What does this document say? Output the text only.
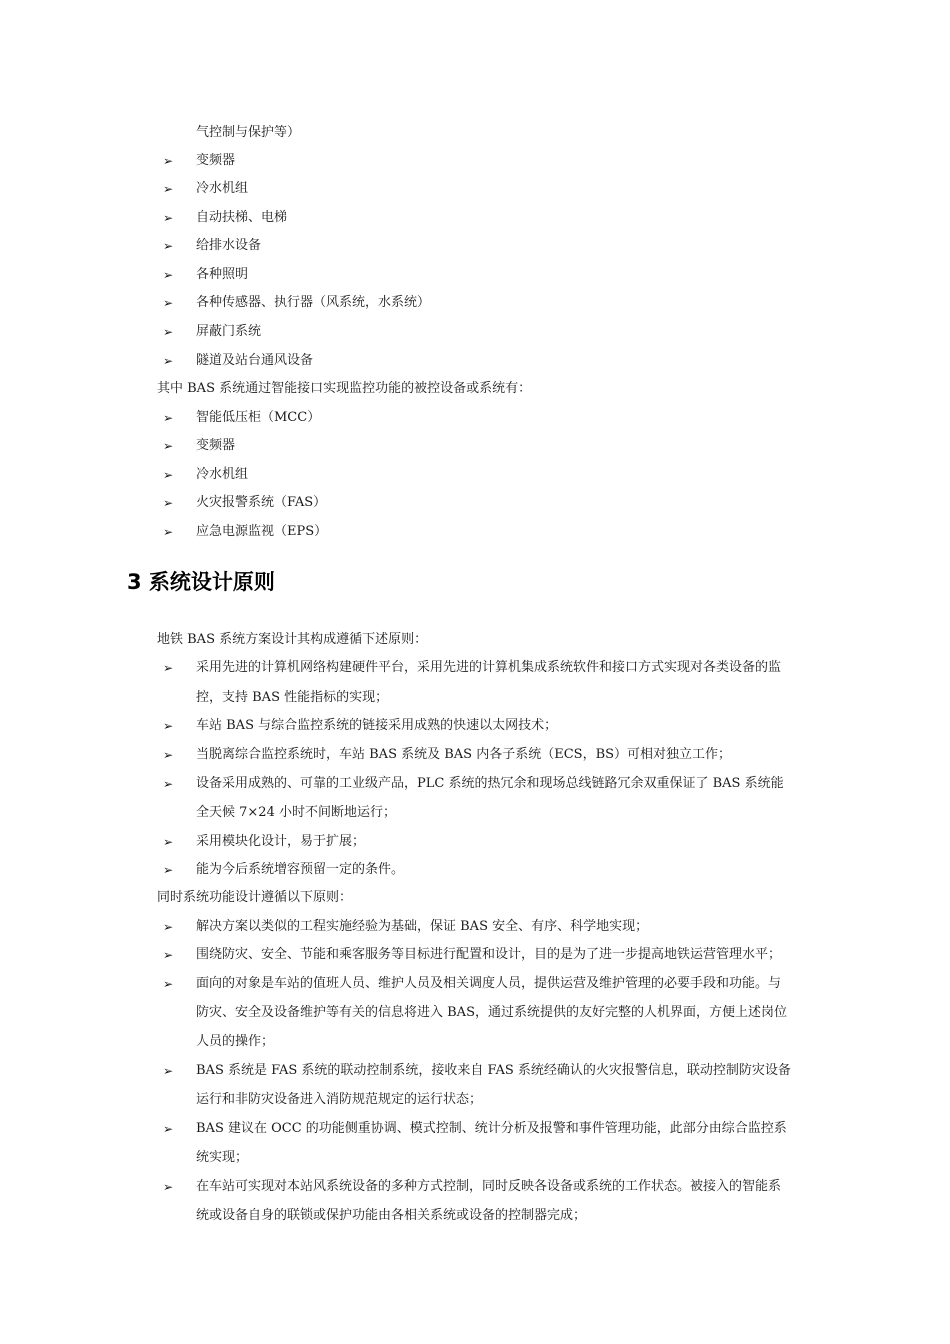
气控制与保护等）
➢ 变频器
➢ 冷水机组
➢ 自动扶梯、电梯
➢ 给排水设备
➢ 各种照明
➢ 各种传感器、执行器（风系统，水系统）
➢ 屏蔽门系统
➢ 隧道及站台通风设备
其中 BAS 系统通过智能接口实现监控功能的被控设备或系统有：
➢ 智能低压柜（MCC）
➢ 变频器
➢ 冷水机组
➢ 火灾报警系统（FAS）
➢ 应急电源监视（EPS）
3 系统设计原则
地铁 BAS 系统方案设计其构成遵循下述原则：
➢ 采用先进的计算机网络构建硬件平台，采用先进的计算机集成系统软件和接口方式实现对各类设备的监
控，支持 BAS 性能指标的实现；
➢ 车站 BAS 与综合监控系统的链接采用成熟的快速以太网技术；
➢ 当脱离综合监控系统时，车站 BAS 系统及 BAS 内各子系统（ECS，BS）可相对独立工作；
➢ 设备采用成熟的、可靠的工业级产品，PLC 系统的热冗余和现场总线链路冗余双重保证了 BAS 系统能
全天候 7×24 小时不间断地运行；
➢ 采用模块化设计，易于扩展；
➢ 能为今后系统增容预留一定的条件。
同时系统功能设计遵循以下原则：
➢ 解决方案以类似的工程实施经验为基础，保证 BAS 安全、有序、科学地实现；
➢ 围绕防灾、安全、节能和乘客服务等目标进行配置和设计，目的是为了进一步提高地铁运营管理水平；
➢ 面向的对象是车站的值班人员、维护人员及相关调度人员，提供运营及维护管理的必要手段和功能。与
防灾、安全及设备维护等有关的信息将进入 BAS，通过系统提供的友好完整的人机界面，方便上述岗位
人员的操作；
➢ BAS 系统是 FAS 系统的联动控制系统，接收来自 FAS 系统经确认的火灾报警信息，联动控制防灾设备
运行和非防灾设备进入消防规范规定的运行状态；
➢ BAS 建议在 OCC 的功能侧重协调、模式控制、统计分析及报警和事件管理功能，此部分由综合监控系
统实现；
➢ 在车站可实现对本站风系统设备的多种方式控制，同时反映各设备或系统的工作状态。被接入的智能系
统或设备自身的联锁或保护功能由各相关系统或设备的控制器完成；
